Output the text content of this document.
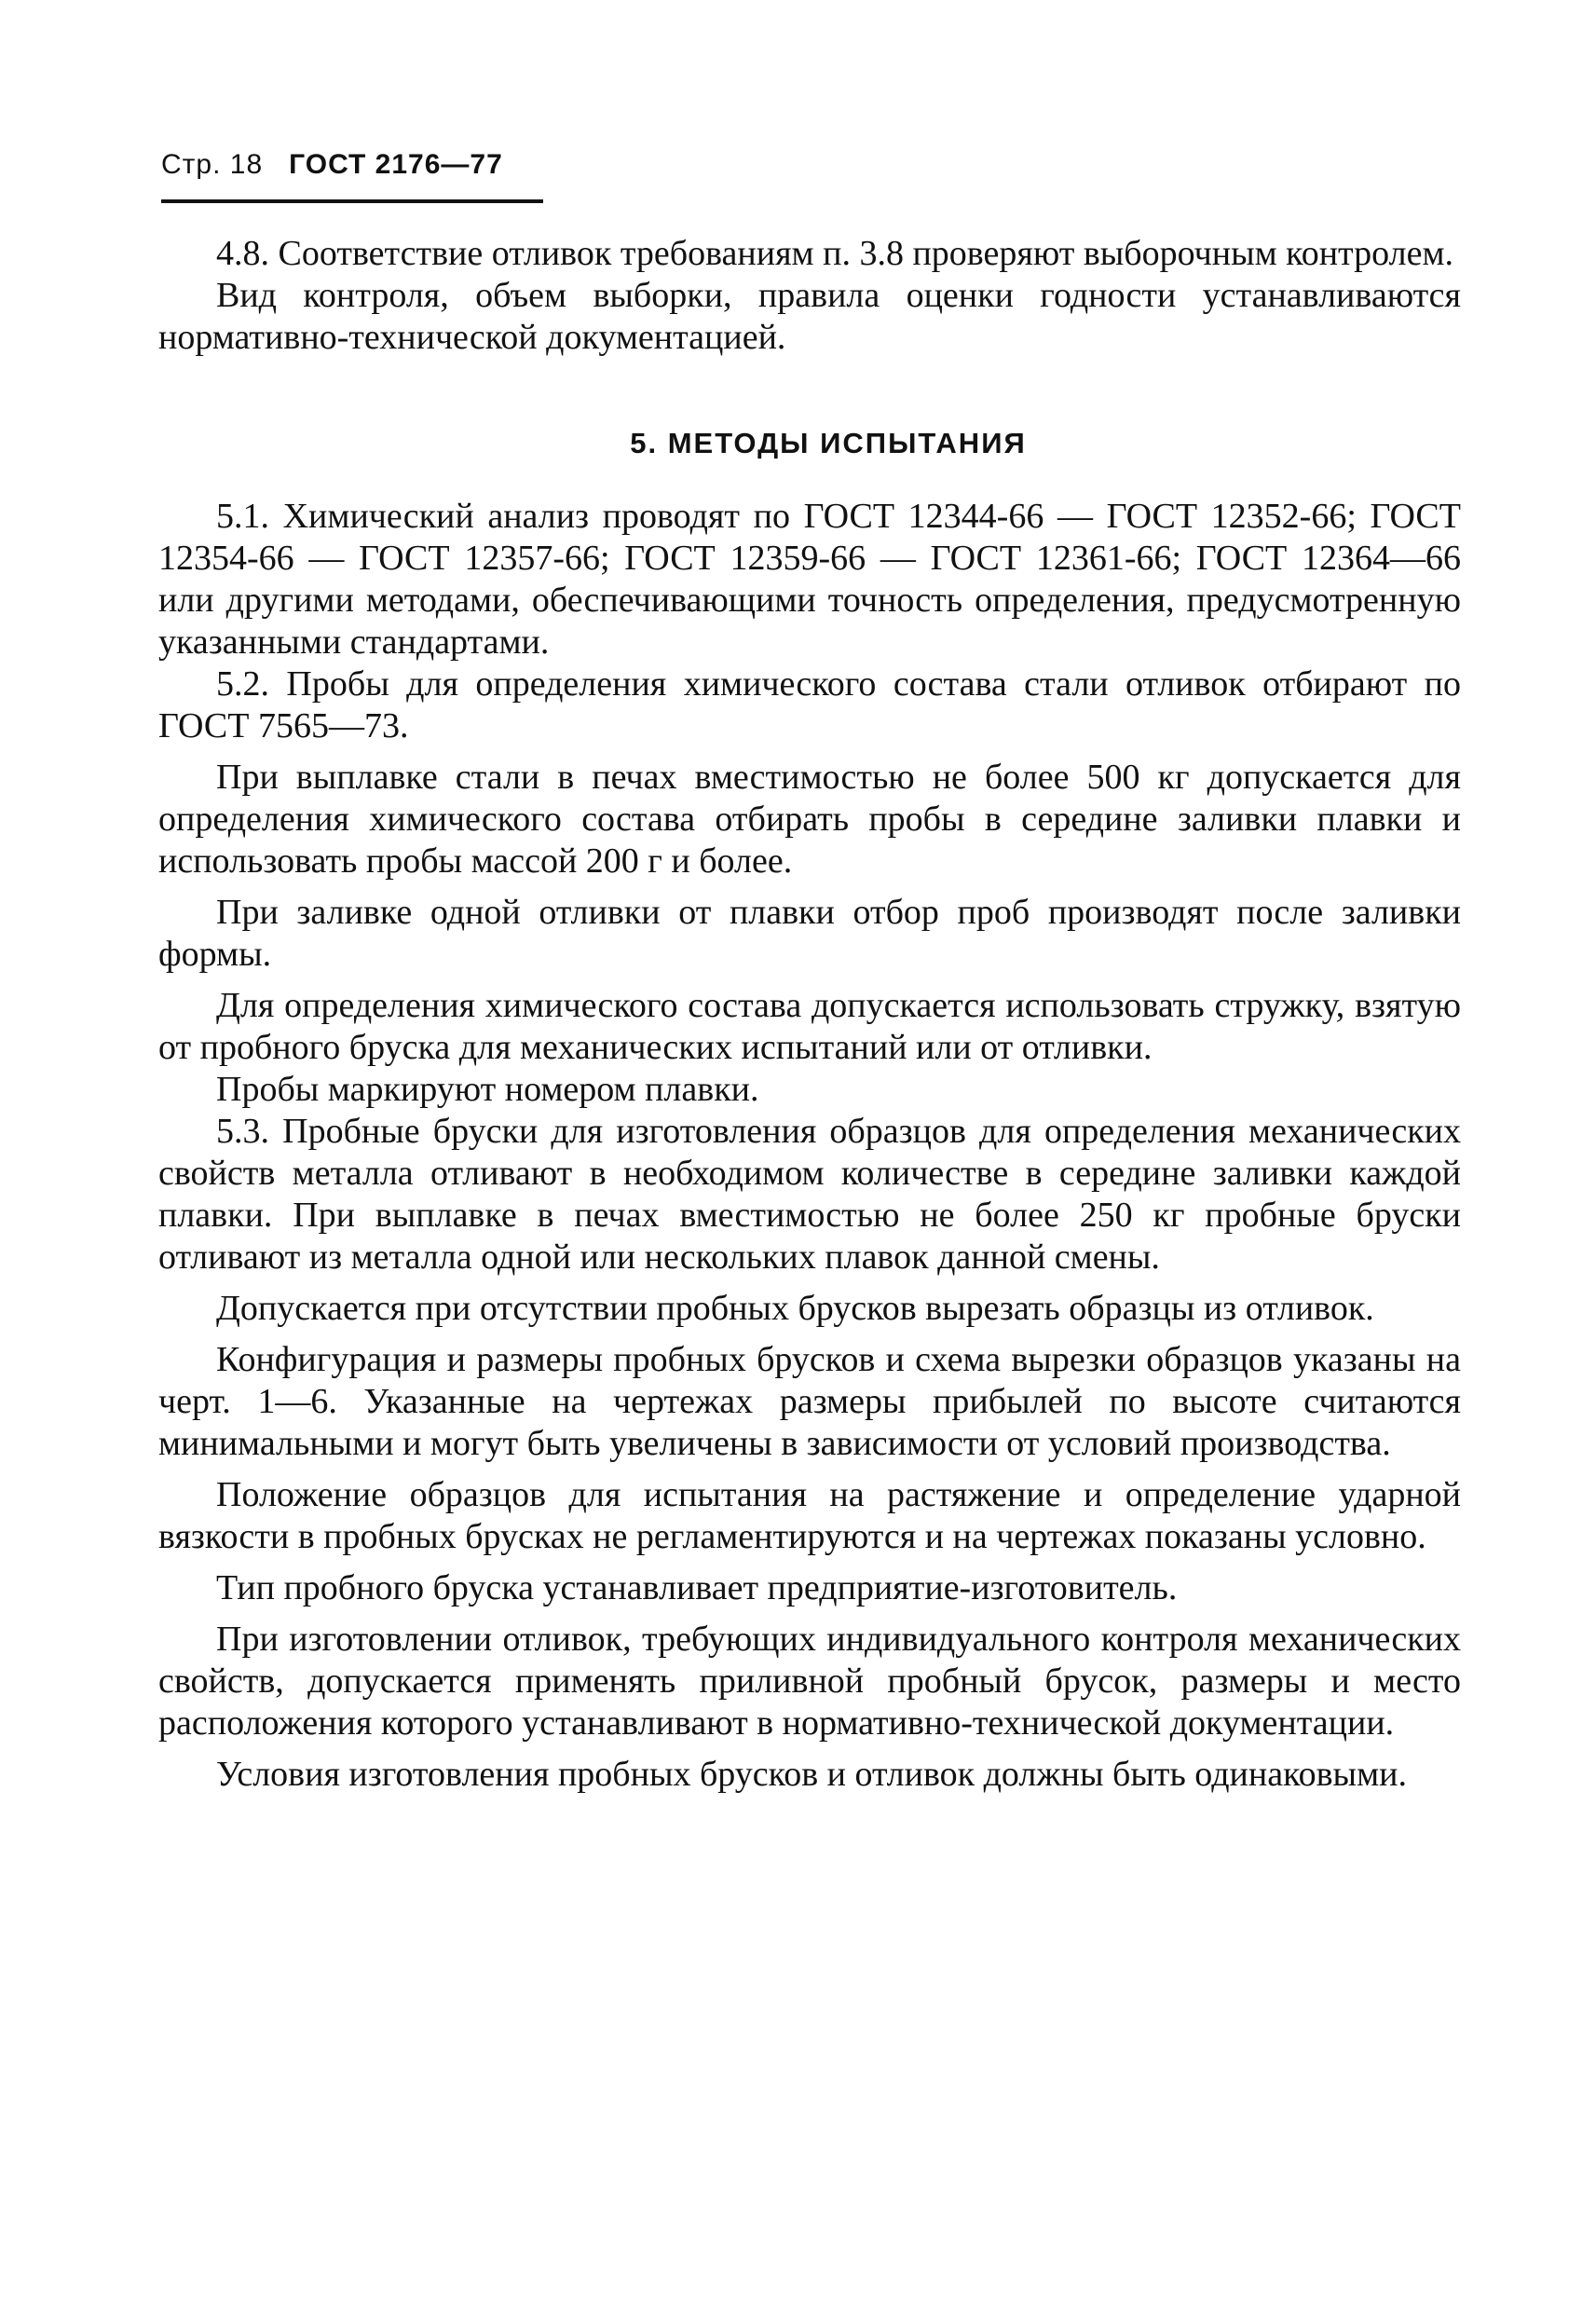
Стр. 18 ГОСТ 2176—77

4.8. Соответствие отливок требованиям п. 3.8 проверяют выборочным контролем.

Вид контроля, объем выборки, правила оценки годности устанавливаются нормативно-технической документацией.

5. МЕТОДЫ ИСПЫТАНИЯ

5.1. Химический анализ проводят по ГОСТ 12344-66 — ГОСТ 12352-66; ГОСТ 12354-66 — ГОСТ 12357-66; ГОСТ 12359-66 — ГОСТ 12361-66; ГОСТ 12364—66 или другими методами, обеспечивающими точность определения, предусмотренную указанными стандартами.

5.2. Пробы для определения химического состава стали отливок отбирают по ГОСТ 7565—73.

При выплавке стали в печах вместимостью не более 500 кг допускается для определения химического состава отбирать пробы в середине заливки плавки и использовать пробы массой 200 г и более.

При заливке одной отливки от плавки отбор проб производят после заливки формы.

Для определения химического состава допускается использовать стружку, взятую от пробного бруска для механических испытаний или от отливки.

Пробы маркируют номером плавки.

5.3. Пробные бруски для изготовления образцов для определения механических свойств металла отливают в необходимом количестве в середине заливки каждой плавки. При выплавке в печах вместимостью не более 250 кг пробные бруски отливают из металла одной или нескольких плавок данной смены.

Допускается при отсутствии пробных брусков вырезать образцы из отливок.

Конфигурация и размеры пробных брусков и схема вырезки образцов указаны на черт. 1—6. Указанные на чертежах размеры прибылей по высоте считаются минимальными и могут быть увеличены в зависимости от условий производства.

Положение образцов для испытания на растяжение и определение ударной вязкости в пробных брусках не регламентируются и на чертежах показаны условно.

Тип пробного бруска устанавливает предприятие-изготовитель.

При изготовлении отливок, требующих индивидуального контроля механических свойств, допускается применять приливной пробный брусок, размеры и место расположения которого устанавливают в нормативно-технической документации.

Условия изготовления пробных брусков и отливок должны быть одинаковыми.
